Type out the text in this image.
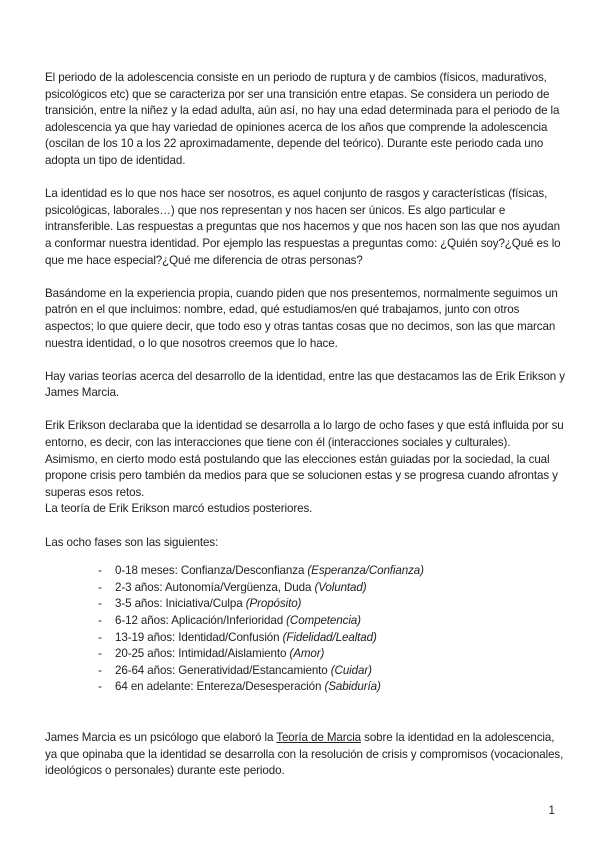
El periodo de la adolescencia consiste en un periodo de ruptura y de cambios (físicos, madurativos, psicológicos etc) que se caracteriza por ser una transición entre etapas. Se considera un periodo de transición, entre la niñez y la edad adulta, aún así, no hay una edad determinada para el periodo de la adolescencia ya que hay variedad de opiniones acerca de los años que comprende la adolescencia (oscilan de los 10 a los 22 aproximadamente, depende del teórico). Durante este periodo cada uno adopta un tipo de identidad.

La identidad es lo que nos hace ser nosotros, es aquel conjunto de rasgos y características (físicas, psicológicas, laborales…) que nos representan y nos hacen ser únicos. Es algo particular e intransferible. Las respuestas a preguntas que nos hacemos y que nos hacen son las que nos ayudan a conformar nuestra identidad. Por ejemplo las respuestas a preguntas como: ¿Quién soy?¿Qué es lo que me hace especial?¿Qué me diferencia de otras personas?

Basándome en la experiencia propia, cuando piden que nos presentemos, normalmente seguimos un patrón en el que incluimos: nombre, edad, qué estudiamos/en qué trabajamos, junto con otros aspectos; lo que quiere decir, que todo eso y otras tantas cosas que no decimos, son las que marcan nuestra identidad, o lo que nosotros creemos que lo hace.

Hay varias teorías acerca del desarrollo de la identidad, entre las que destacamos las de Erik Erikson y James Marcia.

Erik Erikson declaraba que la identidad se desarrolla a lo largo de ocho fases y que está influida por su entorno, es decir, con las interacciones que tiene con él (interacciones sociales y culturales). Asimismo, en cierto modo está postulando que las elecciones están guiadas por la sociedad, la cual propone crisis pero también da medios para que se solucionen estas y se progresa cuando afrontas y superas esos retos.

La teoría de Erik Erikson marcó estudios posteriores.

Las ocho fases son las siguientes:

- 0-18 meses: Confianza/Desconfianza (Esperanza/Confianza)
- 2-3 años: Autonomía/Vergüenza, Duda (Voluntad)
- 3-5 años: Iniciativa/Culpa (Propósito)
- 6-12 años: Aplicación/Inferioridad (Competencia)
- 13-19 años: Identidad/Confusión (Fidelidad/Lealtad)
- 20-25 años: Intimidad/Aislamiento (Amor)
- 26-64 años: Generatividad/Estancamiento (Cuidar)
- 64 en adelante: Entereza/Desesperación (Sabiduría)

James Marcia es un psicólogo que elaboró la Teoría de Marcia sobre la identidad en la adolescencia, ya que opinaba que la identidad se desarrolla con la resolución de crisis y compromisos (vocacionales, ideológicos o personales) durante este periodo.

1
